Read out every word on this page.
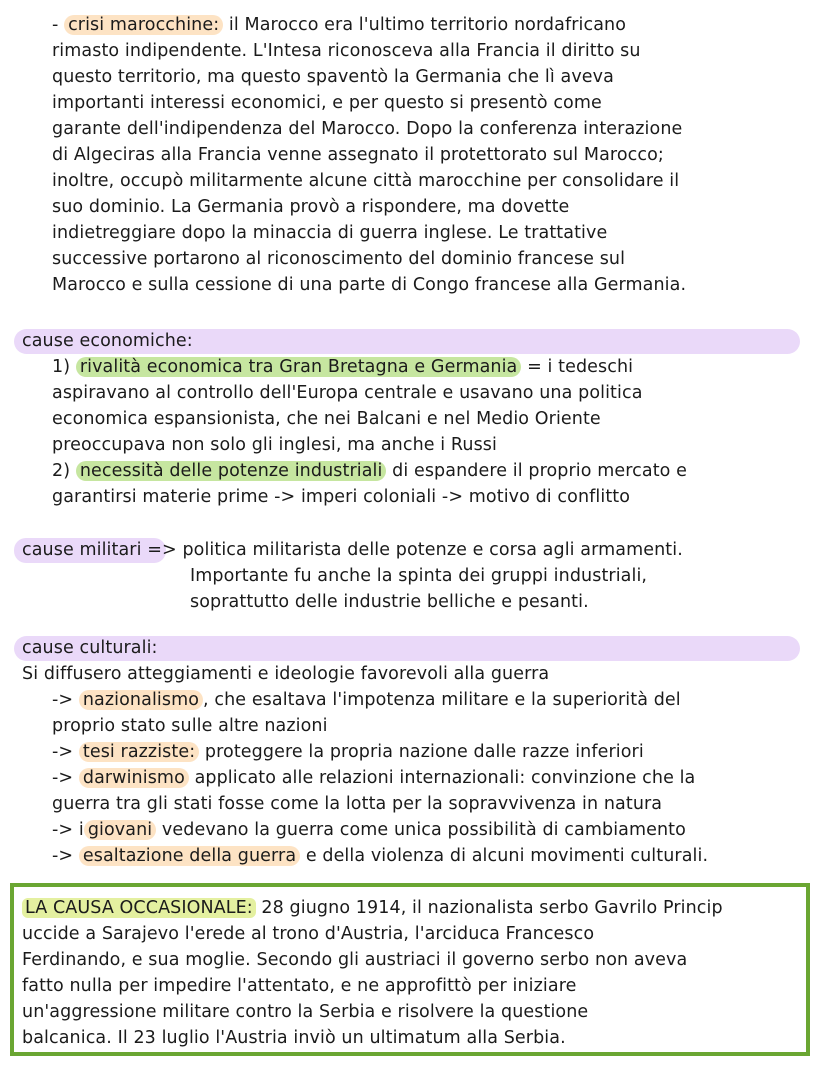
- crisi marocchine: il Marocco era l'ultimo territorio nordafricano
rimasto indipendente. L'Intesa riconosceva alla Francia il diritto su
questo territorio, ma questo spaventò la Germania che lì aveva
importanti interessi economici, e per questo si presentò come
garante dell'indipendenza del Marocco. Dopo la conferenza interazione
di Algeciras alla Francia venne assegnato il protettorato sul Marocco;
inoltre, occupò militarmente alcune città marocchine per consolidare il
suo dominio. La Germania provò a rispondere, ma dovette
indietreggiare dopo la minaccia di guerra inglese. Le trattative
successive portarono al riconoscimento del dominio francese sul
Marocco e sulla cessione di una parte di Congo francese alla Germania.
cause economiche:
1) rivalità economica tra Gran Bretagna e Germania = i tedeschi
aspiravano al controllo dell'Europa centrale e usavano una politica
economica espansionista, che nei Balcani e nel Medio Oriente
preoccupava non solo gli inglesi, ma anche i Russi
2) necessità delle potenze industriali di espandere il proprio mercato e
garantirsi materie prime -> imperi coloniali -> motivo di conflitto
cause militari => politica militarista delle potenze e corsa agli armamenti.
Importante fu anche la spinta dei gruppi industriali,
soprattutto delle industrie belliche e pesanti.
cause culturali:
Si diffusero atteggiamenti e ideologie favorevoli alla guerra
-> nazionalismo , che esaltava l'impotenza militare e la superiorità del
proprio stato sulle altre nazioni
-> tesi razziste: proteggere la propria nazione dalle razze inferiori
-> darwinismo applicato alle relazioni internazionali: convinzione che la
guerra tra gli stati fosse come la lotta per la sopravvivenza in natura
-> i giovani vedevano la guerra come unica possibilità di cambiamento
-> esaltazione della guerra e della violenza di alcuni movimenti culturali.
LA CAUSA OCCASIONALE: 28 giugno 1914, il nazionalista serbo Gavrilo Princip
uccide a Sarajevo l'erede al trono d'Austria, l'arciduca Francesco
Ferdinando, e sua moglie. Secondo gli austriaci il governo serbo non aveva
fatto nulla per impedire l'attentato, e ne approfittò per iniziare
un'aggressione militare contro la Serbia e risolvere la questione
balcanica. Il 23 luglio l'Austria inviò un ultimatum alla Serbia.
